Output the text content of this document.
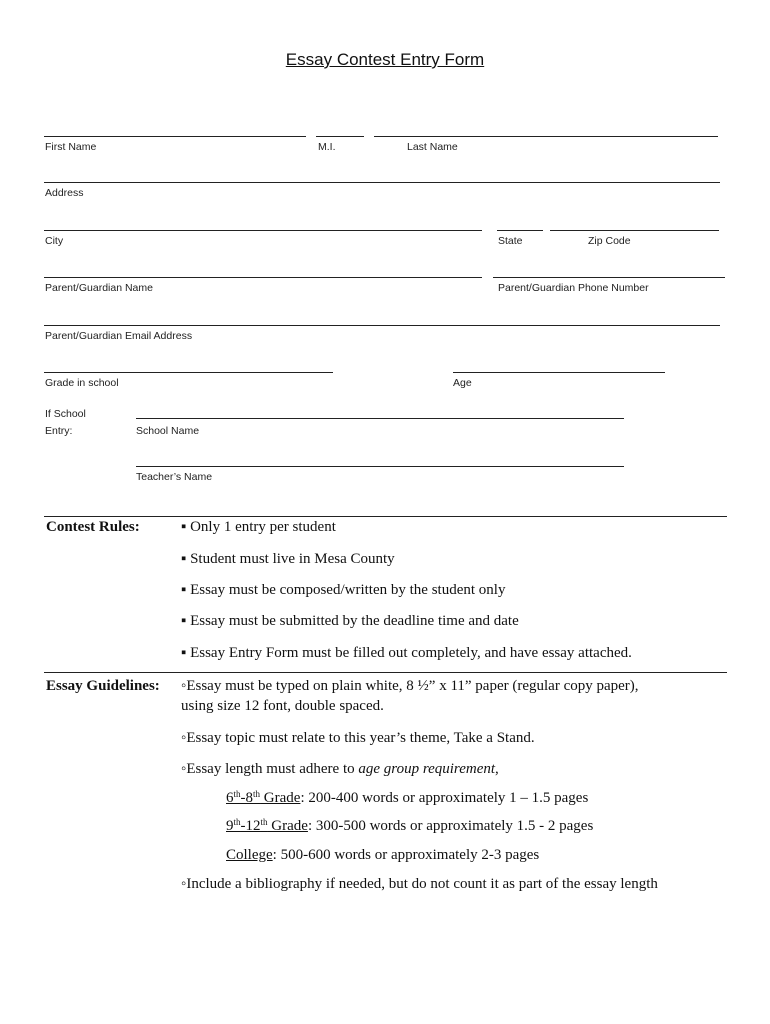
Essay Contest Entry Form
First Name	M.I.	Last Name
Address
City	State	Zip Code
Parent/Guardian Name	Parent/Guardian Phone Number
Parent/Guardian Email Address
Grade in school	Age
If School
Entry:	School Name
Teacher’s Name
Contest Rules:	▪ Only 1 entry per student
▪ Student must live in Mesa County
▪ Essay must be composed/written by the student only
▪ Essay must be submitted by the deadline time and date
▪ Essay Entry Form must be filled out completely, and have essay attached.
Essay Guidelines: ◦Essay must be typed on plain white, 8 ½” x 11” paper (regular copy paper),
using size 12 font, double spaced.
◦Essay topic must relate to this year’s theme, Take a Stand.
◦Essay length must adhere to age group requirement,
6th-8th Grade: 200-400 words or approximately 1 – 1.5 pages
9th-12th Grade: 300-500 words or approximately 1.5 - 2 pages
College: 500-600 words or approximately 2-3 pages
◦Include a bibliography if needed, but do not count it as part of the essay length
